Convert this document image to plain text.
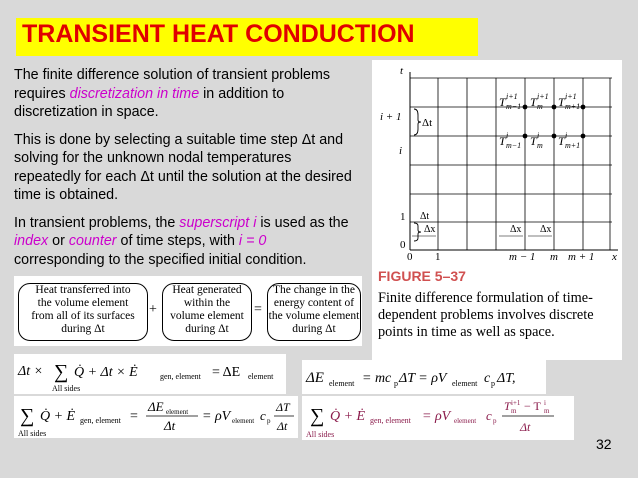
TRANSIENT HEAT CONDUCTION

The finite difference solution of transient problems requires discretization in time in addition to discretization in space.

This is done by selecting a suitable time step Δt and solving for the unknown nodal temperatures repeatedly for each Δt until the solution at the desired time is obtained.

In transient problems, the superscript i is used as the index or counter of time steps, with i = 0 corresponding to the specified initial condition.

t
x
i + 1
i
1
0
0 1	m − 1 m m + 1
Δt
Δt
Δx	Δx Δx
T i+1
m−1 T i+1
m T i+1
m+1
T i
m−1 T i
m T i
m+1
FIGURE 5–37
Finite difference formulation of time-dependent problems involves discrete points in time as well as space.
Heat transferred into
the volume element
from all of its surfaces
during Δt
+
Heat generated
within the
volume element
during Δt
=
The change in the
energy content of
the volume element
during Δt
Δt × ∑ Q̇ + Δt × Ė	gen, element = ΔE element
All sides
ΔE element = mc p ΔT = ρV element c p ΔT,
∑ Q̇ + Ė gen, element =
ΔE element
Δt
= ρV element c p
ΔT
Δt
All sides
∑ Q̇ + Ė gen, element = ρV element c p
T i+1
m − T i
m
Δt
All sides
32
